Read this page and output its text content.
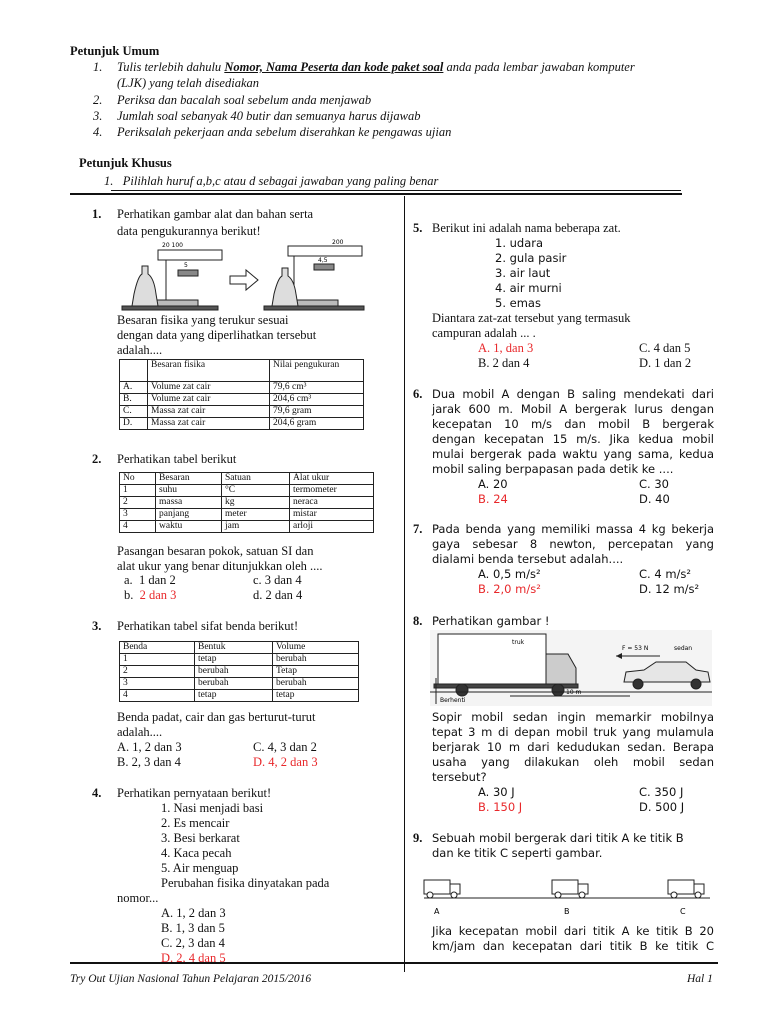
Petunjuk Umum
1. Tulis terlebih dahulu Nomor, Nama Peserta dan kode paket soal anda pada lembar jawaban komputer
(LJK) yang telah disediakan
2. Periksa dan bacalah soal sebelum anda menjawab
3. Jumlah soal sebanyak 40 butir dan semuanya harus dijawab
4. Periksalah pekerjaan anda sebelum diserahkan ke pengawas ujian
Petunjuk Khusus
1. Pilihlah huruf a,b,c atau d sebagai jawaban yang paling benar
1. Perhatikan gambar alat dan bahan serta
data pengukurannya berikut!
20 100
5
200
4,5
Besaran fisika yang terukur sesuai
dengan data yang diperlihatkan tersebut
adalah....
	Besaran fisika	Nilai pengukuran
A.	Volume zat cair	79,6 cm³
B.	Volume zat cair	204,6 cm³
C.	Massa zat cair	79,6 gram
D.	Massa zat cair	204,6 gram
2. Perhatikan tabel berikut
No	Besaran	Satuan	Alat ukur
1	suhu	°C	termometer
2	massa	kg	neraca
3	panjang	meter	mistar
4	waktu	jam	arloji
Pasangan besaran pokok, satuan SI dan
alat ukur yang benar ditunjukkan oleh ....
a. 1 dan 2
b. 2 dan 3
c. 3 dan 4
d. 2 dan 4
3. Perhatikan tabel sifat benda berikut!
Benda	Bentuk	Volume
1	tetap	berubah
2	berubah	Tetap
3	berubah	berubah
4	tetap	tetap
Benda padat, cair dan gas berturut-turut
adalah....
A. 1, 2 dan 3
B. 2, 3 dan 4
C. 4, 3 dan 2
D. 4, 2 dan 3
4. Perhatikan pernyataan berikut!
1. Nasi menjadi basi
2. Es mencair
3. Besi berkarat
4. Kaca pecah
5. Air menguap
Perubahan fisika dinyatakan pada
nomor...
A. 1, 2 dan 3
B. 1, 3 dan 5
C. 2, 3 dan 4
D. 2, 4 dan 5
5. Berikut ini adalah nama beberapa zat.
1. udara
2. gula pasir
3. air laut
4. air murni
5. emas
Diantara zat-zat tersebut yang termasuk
campuran adalah ... .
A. 1, dan 3
B. 2 dan 4
C. 4 dan 5
D. 1 dan 2
6. Dua mobil A dengan B saling mendekati dari
jarak 600 m. Mobil A bergerak lurus dengan
kecepatan 10 m/s dan mobil B bergerak
dengan kecepatan 15 m/s. Jika kedua mobil
mulai bergerak pada waktu yang sama, kedua
mobil saling berpapasan pada detik ke ....
A. 20
B. 24
C. 30
D. 40
7. Pada benda yang memiliki massa 4 kg bekerja
gaya sebesar 8 newton, percepatan yang
dialami benda tersebut adalah....
A. 0,5 m/s²
B. 2,0 m/s²
C. 4 m/s²
D. 12 m/s²
8. Perhatikan gambar !
truk
F = 53 N	sedan
Berhenti
10 m
Sopir mobil sedan ingin memarkir mobilnya
tepat 3 m di depan mobil truk yang mulamula
berjarak 10 m dari kedudukan sedan. Berapa
usaha yang dilakukan oleh mobil sedan
tersebut?
A. 30 J
B. 150 J
C. 350 J
D. 500 J
9. Sebuah mobil bergerak dari titik A ke titik B
dan ke titik C seperti gambar.
A	B	C
Jika kecepatan mobil dari titik A ke titik B 20
km/jam dan kecepatan dari titik B ke titik C
Try Out Ujian Nasional Tahun Pelajaran 2015/2016	Hal 1
